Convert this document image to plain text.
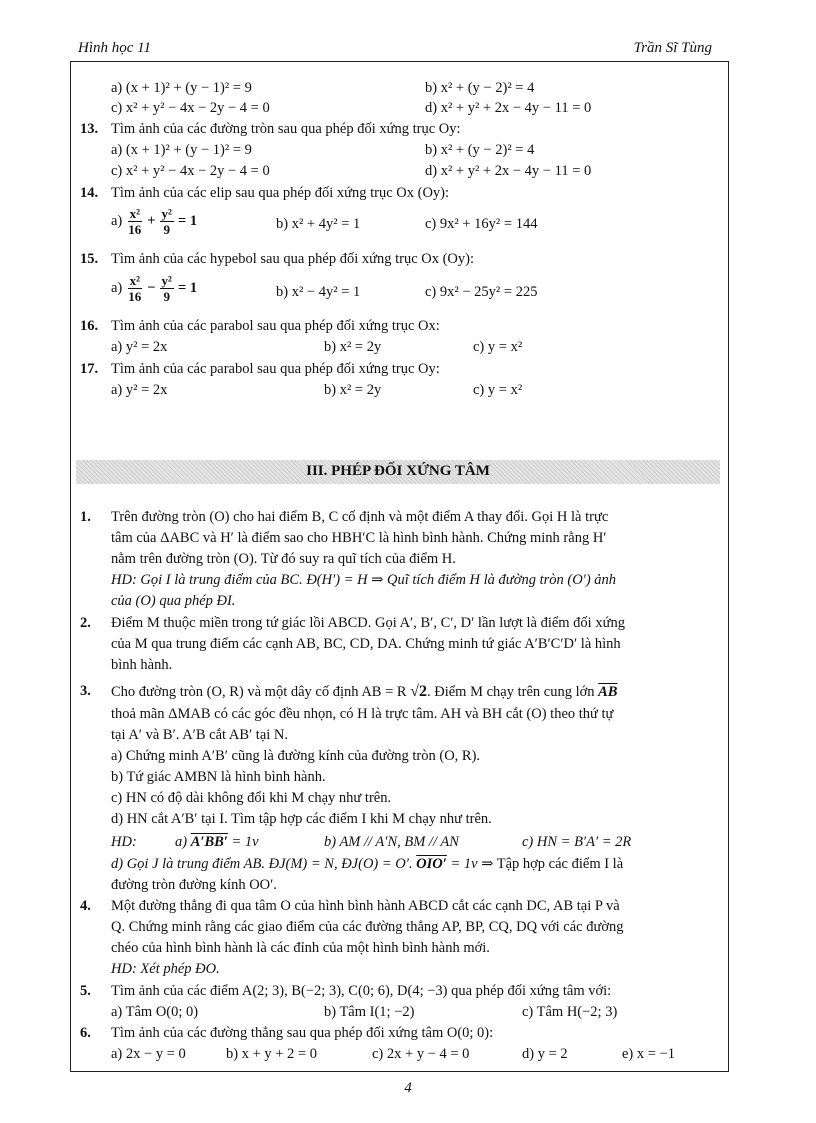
Hình học 11	Trần Sĩ Tùng
a) (x + 1)² + (y − 1)² = 9	b) x² + (y − 2)² = 4
c) x² + y² − 4x − 2y − 4 = 0	d) x² + y² + 2x − 4y − 11 = 0
13. Tìm ảnh của các đường tròn sau qua phép đối xứng trục Oy:
a) (x + 1)² + (y − 1)² = 9	b) x² + (y − 2)² = 4
c) x² + y² − 4x − 2y − 4 = 0	d) x² + y² + 2x − 4y − 11 = 0
14. Tìm ảnh của các elip sau qua phép đối xứng trục Ox (Oy):
$a) \frac{\text{x²}}{16} + \frac{\text{y²}}{9} = 1$	b) x² + 4y² = 1	c) 9x² + 16y² = 144
15. Tìm ảnh của các hypebol sau qua phép đối xứng trục Ox (Oy):
$a) \frac{\text{x²}}{16} - \frac{\text{y²}}{9} = 1$	b) x² − 4y² = 1	c) 9x² − 25y² = 225
16. Tìm ảnh của các parabol sau qua phép đối xứng trục Ox:
a) y² = 2x	b) x² = 2y	c) y = x²
17. Tìm ảnh của các parabol sau qua phép đối xứng trục Oy:
a) y² = 2x	b) x² = 2y	c) y = x²
III. PHÉP ĐỐI XỨNG TÂM
1. Trên đường tròn (O) cho hai điểm B, C cố định và một điểm A thay đổi. Gọi H là trực
tâm của ΔABC và H′ là điểm sao cho HBH′C là hình bình hành. Chứng minh rằng H′
nằm trên đường tròn (O). Từ đó suy ra quĩ tích của điểm H.
HD: Gọi I là trung điểm của BC. Đ(H′) = H ⇒ Quĩ tích điểm H là đường tròn (O′) ảnh
của (O) qua phép ĐI.
2. Điểm M thuộc miền trong tứ giác lồi ABCD. Gọi A′, B′, C′, D′ lần lượt là điểm đối xứng
của M qua trung điểm các cạnh AB, BC, CD, DA. Chứng minh tứ giác A′B′C′D′ là hình
bình hành.
3. Cho đường tròn (O, R) và một dây cố định AB = R √2. Điểm M chạy trên cung lớn $\overline{AB}$
thoả mãn ΔMAB có các góc đều nhọn, có H là trực tâm. AH và BH cắt (O) theo thứ tự
tại A′ và B′. A′B cắt AB′ tại N.
a) Chứng minh A′B′ cũng là đường kính của đường tròn (O, R).
b) Tứ giác AMBN là hình bình hành.
c) HN có độ dài không đổi khi M chạy như trên.
d) HN cắt A′B′ tại I. Tìm tập hợp các điểm I khi M chạy như trên.
HD:	a) A′BB′ = 1v	b) AM // A′N, BM // AN	c) HN = B′A′ = 2R
d) Gọi J là trung điểm AB. ĐJ(M) = N, ĐJ(O) = O′. OIO′ = 1v ⇒ Tập hợp các điểm I là
đường tròn đường kính OO′.
4. Một đường thẳng đi qua tâm O của hình bình hành ABCD cắt các cạnh DC, AB tại P và
Q. Chứng minh rằng các giao điểm của các đường thẳng AP, BP, CQ, DQ với các đường
chéo của hình bình hành là các đỉnh của một hình bình hành mới.
HD: Xét phép ĐO.
5. Tìm ảnh của các điểm A(2; 3), B(−2; 3), C(0; 6), D(4; −3) qua phép đối xứng tâm với:
a) Tâm O(0; 0)	b) Tâm I(1; −2)	c) Tâm H(−2; 3)
6. Tìm ảnh của các đường thẳng sau qua phép đối xứng tâm O(0; 0):
a) 2x − y = 0	b) x + y + 2 = 0	c) 2x + y − 4 = 0	d) y = 2	e) x = −1
4
